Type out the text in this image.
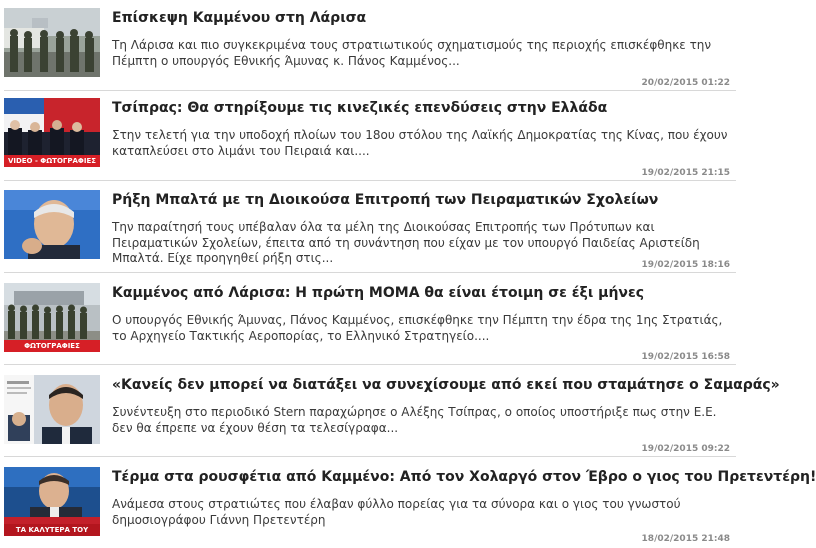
Επίσκεψη Καμμένου στη Λάρισα
Τη Λάρισα και πιο συγκεκριμένα τους στρατιωτικούς σχηματισμούς της περιοχής επισκέφθηκε την Πέμπτη ο υπουργός Εθνικής Άμυνας κ. Πάνος Καμμένος...
20/02/2015 01:22
VIDEO - ΦΩΤΟΓΡΑΦΙΕΣ
Τσίπρας: Θα στηρίξουμε τις κινεζικές επενδύσεις στην Ελλάδα
Στην τελετή για την υποδοχή πλοίων του 18ου στόλου της Λαϊκής Δημοκρατίας της Κίνας, που έχουν καταπλεύσει στο λιμάνι του Πειραιά και....
19/02/2015 21:15
Ρήξη Μπαλτά με τη Διοικούσα Επιτροπή των Πειραματικών Σχολείων
Την παραίτησή τους υπέβαλαν όλα τα μέλη της Διοικούσας Επιτροπής των Πρότυπων και Πειραματικών Σχολείων, έπειτα από τη συνάντηση που είχαν με τον υπουργό Παιδείας Αριστείδη Μπαλτά. Είχε προηγηθεί ρήξη στις...	19/02/2015 18:16
ΦΩΤΟΓΡΑΦΙΕΣ
Καμμένος από Λάρισα: Η πρώτη ΜΟΜΑ θα είναι έτοιμη σε έξι μήνες
Ο υπουργός Εθνικής Άμυνας, Πάνος Καμμένος, επισκέφθηκε την Πέμπτη την έδρα της 1ης Στρατιάς, το Αρχηγείο Τακτικής Αεροπορίας, το Ελληνικό Στρατηγείο....
19/02/2015 16:58
«Κανείς δεν μπορεί να διατάξει να συνεχίσουμε από εκεί που σταμάτησε ο Σαμαράς»
Συνέντευξη στο περιοδικό Stern παραχώρησε ο Αλέξης Τσίπρας, ο οποίος υποστήριξε πως στην Ε.Ε. δεν θα έπρεπε να έχουν θέση τα τελεσίγραφα...
19/02/2015 09:22
ΤΑ ΚΑΛΥΤΕΡΑ ΤΟΥ ΔΙΑΔΙΚΤΥΟΥ
Τέρμα στα ρουσφέτια από Καμμένο: Από τον Χολαργό στον Έβρο ο γιος του Πρετεντέρη!
Ανάμεσα στους στρατιώτες που έλαβαν φύλλο πορείας για τα σύνορα και ο γιος του γνωστού δημοσιογράφου Γιάννη Πρετεντέρη
18/02/2015 21:48
